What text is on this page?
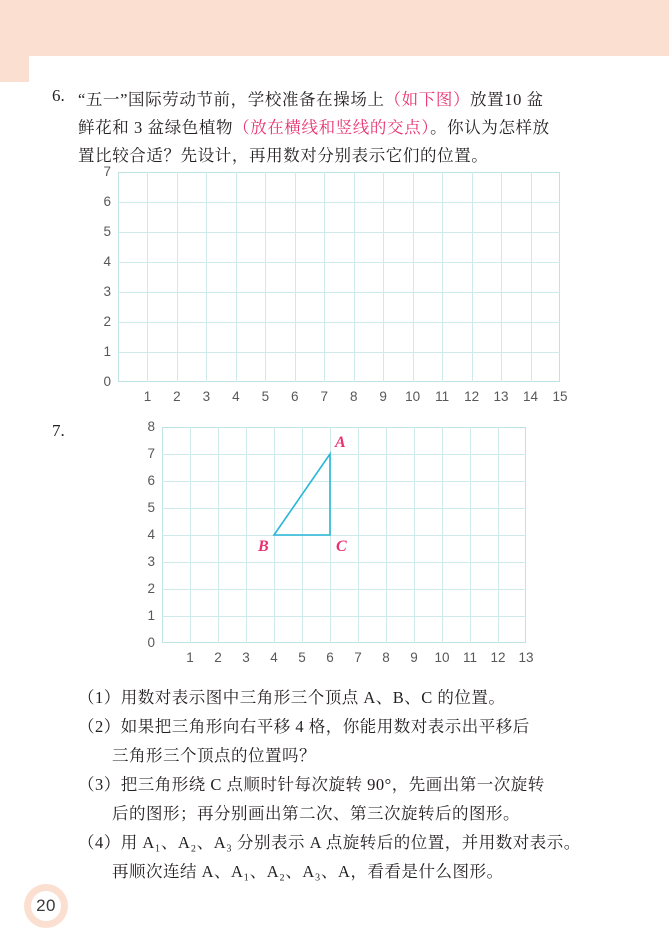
6. “五一”国际劳动节前，学校准备在操场上（如下图）放置10 盆
鲜花和 3 盆绿色植物（放在横线和竖线的交点）。你认为怎样放
置比较合适？先设计，再用数对分别表示它们的位置。
1	2	3	4	5	6	7	8	9	10 11 12 13 14 15
0
1
2
3
4
5
6
7
7.
1	2	3	4	5	6	7	8	9	10 11 12 13
0
1
2
3
4
5
6
7
8
A
B	C
（1）用数对表示图中三角形三个顶点 A、B、C 的位置。
（2）如果把三角形向右平移 4 格，你能用数对表示出平移后
三角形三个顶点的位置吗？
（3）把三角形绕 C 点顺时针每次旋转 90°，先画出第一次旋转
后的图形；再分别画出第二次、第三次旋转后的图形。
（4）用 A₁、A₂、A₃ 分别表示 A 点旋转后的位置，并用数对表示。
再顺次连结 A、A₁、A₂、A₃、A，看看是什么图形。
20
